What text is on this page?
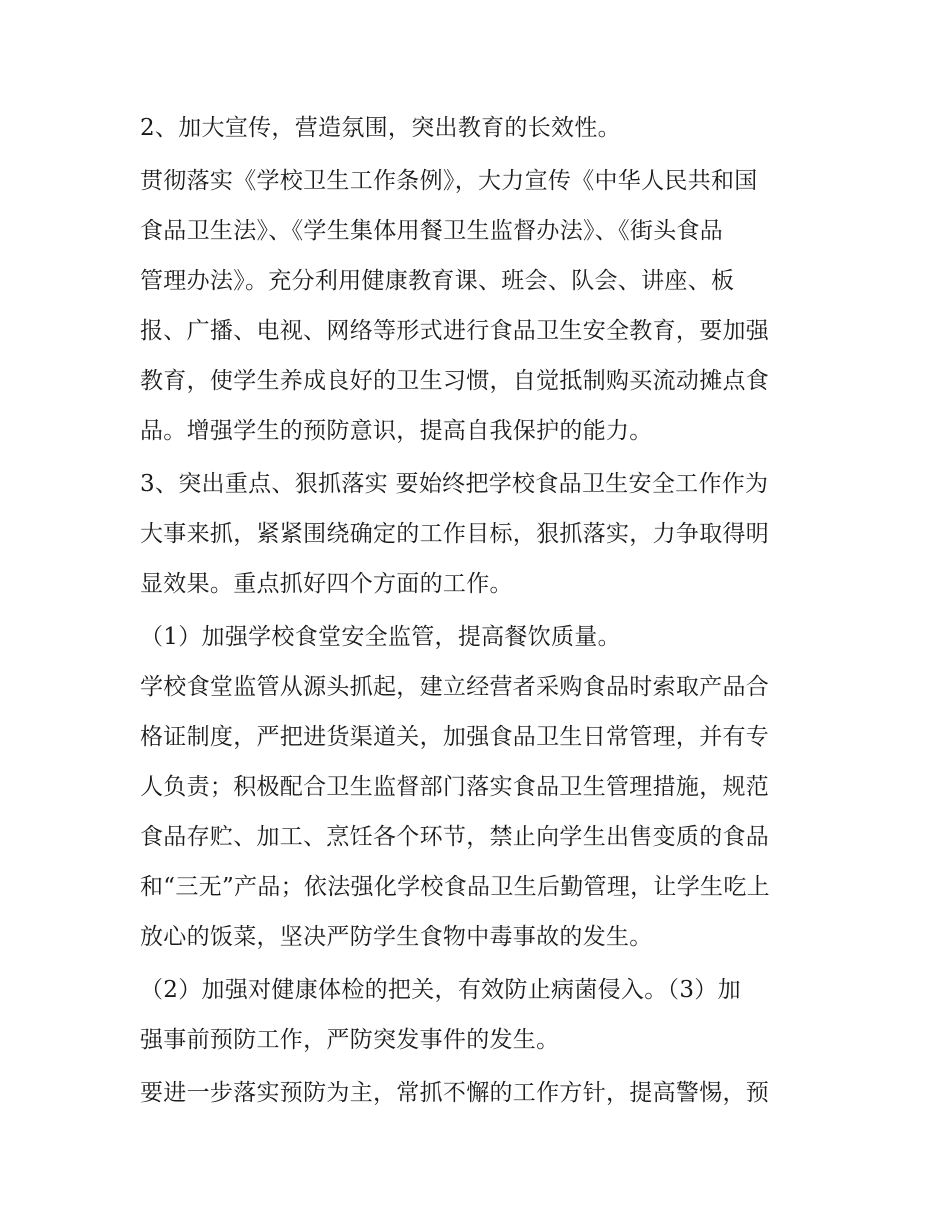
2、加大宣传，营造氛围，突出教育的长效性。
贯彻落实《学校卫生工作条例》，大力宣传《中华人民共和国
食品卫生法》、《学生集体用餐卫生监督办法》、《街头食品
管理办法》。充分利用健康教育课、班会、队会、讲座、板
报、广播、电视、网络等形式进行食品卫生安全教育，要加强
教育，使学生养成良好的卫生习惯，自觉抵制购买流动摊点食
品。增强学生的预防意识，提高自我保护的能力。
3、突出重点、狠抓落实 要始终把学校食品卫生安全工作作为
大事来抓，紧紧围绕确定的工作目标，狠抓落实，力争取得明
显效果。重点抓好四个方面的工作。
（1）加强学校食堂安全监管，提高餐饮质量。
学校食堂监管从源头抓起，建立经营者采购食品时索取产品合
格证制度，严把进货渠道关，加强食品卫生日常管理，并有专
人负责；积极配合卫生监督部门落实食品卫生管理措施，规范
食品存贮、加工、烹饪各个环节，禁止向学生出售变质的食品
和“三无”产品；依法强化学校食品卫生后勤管理，让学生吃上
放心的饭菜，坚决严防学生食物中毒事故的发生。
（2）加强对健康体检的把关，有效防止病菌侵入。（3）加
强事前预防工作，严防突发事件的发生。
要进一步落实预防为主，常抓不懈的工作方针，提高警惕，预
